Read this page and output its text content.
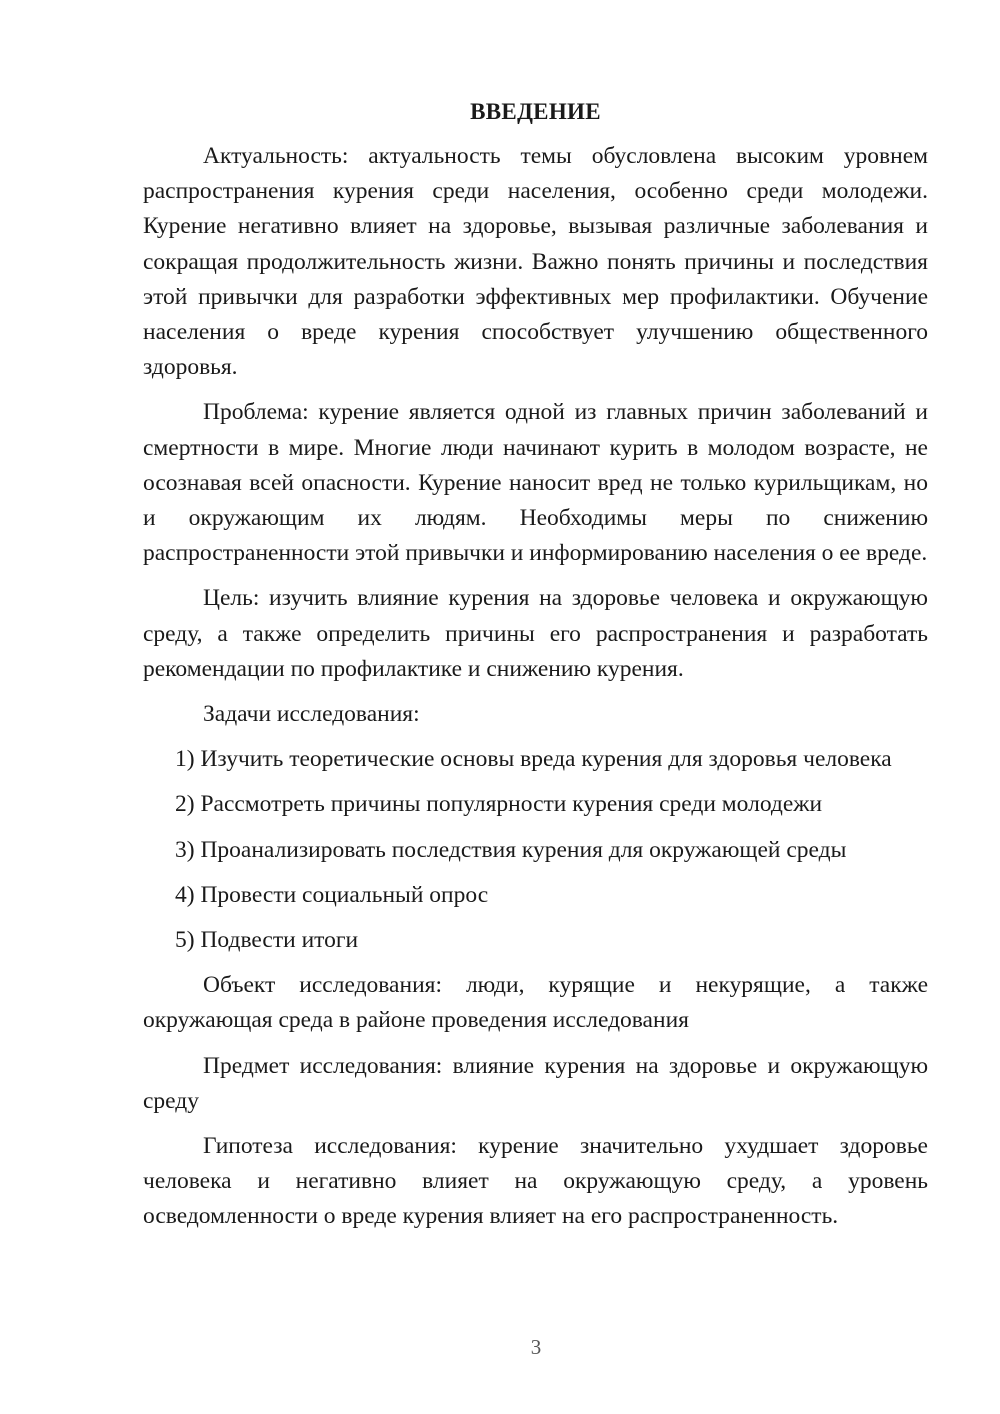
ВВЕДЕНИЕ

Актуальность: актуальность темы обусловлена высоким уровнем распространения курения среди населения, особенно среди молодежи. Курение негативно влияет на здоровье, вызывая различные заболевания и сокращая продолжительность жизни. Важно понять причины и последствия этой привычки для разработки эффективных мер профилактики. Обучение населения о вреде курения способствует улучшению общественного здоровья.

Проблема: курение является одной из главных причин заболеваний и смертности в мире. Многие люди начинают курить в молодом возрасте, не осознавая всей опасности. Курение наносит вред не только курильщикам, но и окружающим их людям. Необходимы меры по снижению распространенности этой привычки и информированию населения о ее вреде.

Цель: изучить влияние курения на здоровье человека и окружающую среду, а также определить причины его распространения и разработать рекомендации по профилактике и снижению курения.

Задачи исследования:

1) Изучить теоретические основы вреда курения для здоровья человека

2) Рассмотреть причины популярности курения среди молодежи

3) Проанализировать последствия курения для окружающей среды

4) Провести социальный опрос

5) Подвести итоги

Объект исследования: люди, курящие и некурящие, а также окружающая среда в районе проведения исследования

Предмет исследования: влияние курения на здоровье и окружающую среду

Гипотеза исследования: курение значительно ухудшает здоровье человека и негативно влияет на окружающую среду, а уровень осведомленности о вреде курения влияет на его распространенность.

3
